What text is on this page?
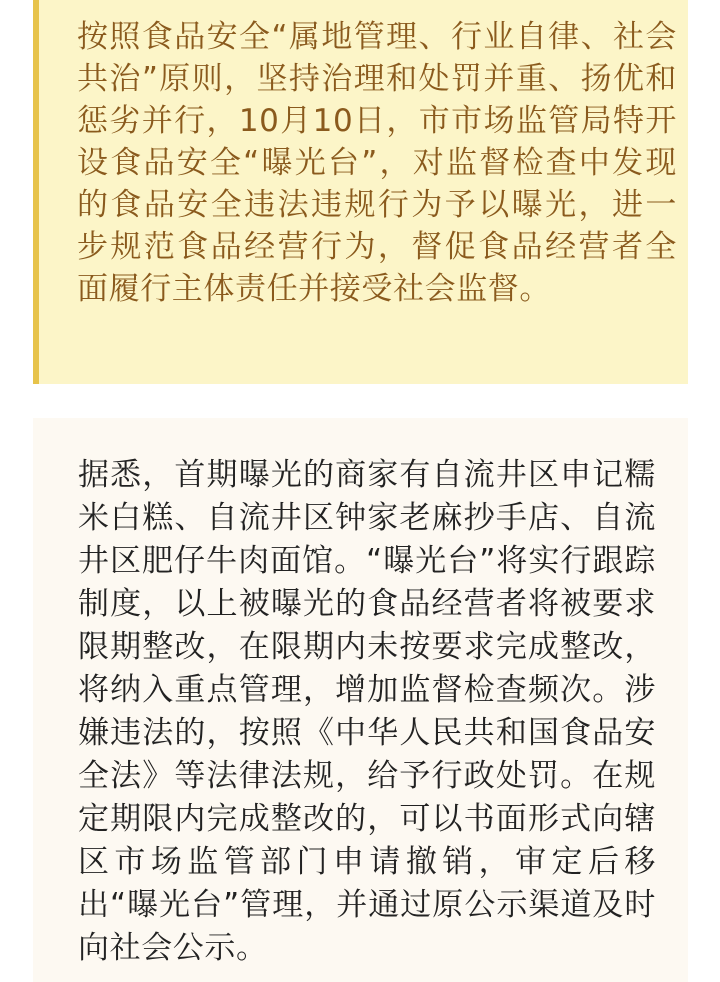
按照食品安全“属地管理、行业自律、社会共治”原则，坚持治理和处罚并重、扬优和惩劣并行，10月10日，市市场监管局特开设食品安全“曝光台”，对监督检查中发现的食品安全违法违规行为予以曝光，进一步规范食品经营行为，督促食品经营者全面履行主体责任并接受社会监督。

据悉，首期曝光的商家有自流井区申记糯米白糕、自流井区钟家老麻抄手店、自流井区肥仔牛肉面馆。“曝光台”将实行跟踪制度，以上被曝光的食品经营者将被要求限期整改，在限期内未按要求完成整改，将纳入重点管理，增加监督检查频次。涉嫌违法的，按照《中华人民共和国食品安全法》等法律法规，给予行政处罚。在规定期限内完成整改的，可以书面形式向辖区市场监管部门申请撤销，审定后移出“曝光台”管理，并通过原公示渠道及时向社会公示。
